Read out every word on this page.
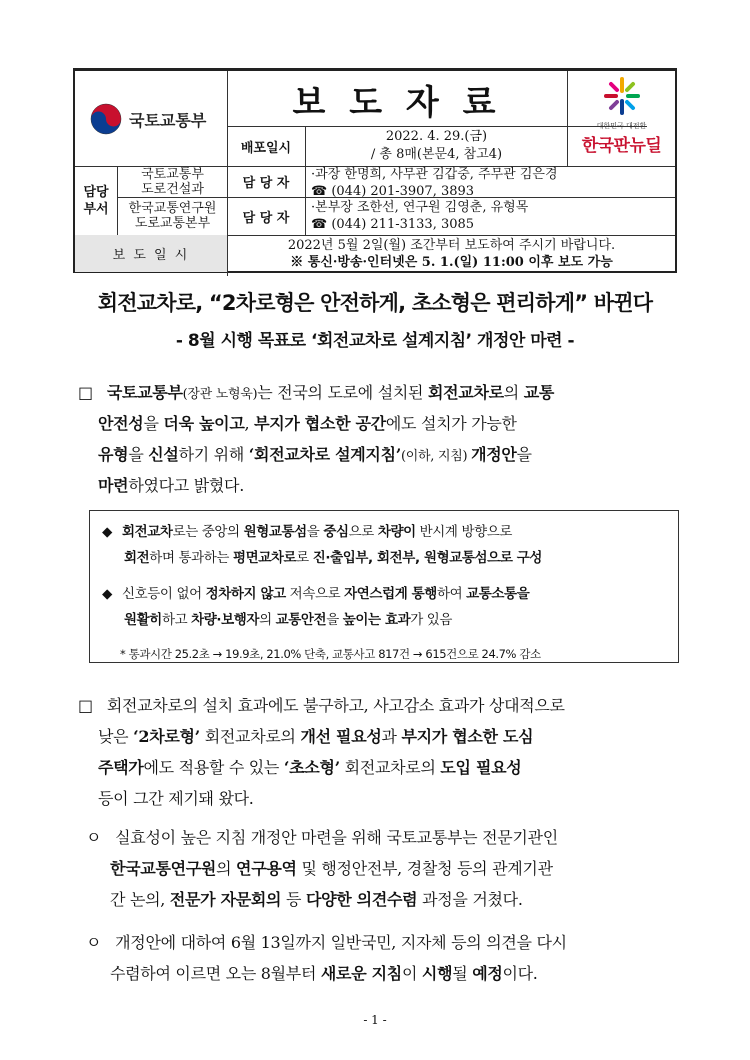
국토교통부	보 도 자 료
배포일시
2022. 4. 29.(금)
/ 총 8매(본문4, 참고4)
대한민국 대전환
한국판뉴딜
담당
부서
국토교통부
도로건설과
한국교통연구원
도로교통본부
담 당 자
담 당 자
·과장 한명희, 사무관 김갑중, 주무관 김은경
☎ (044) 201-3907, 3893
·본부장 조한선, 연구원 김영춘, 유형목
☎ (044) 211-3133, 3085
보 도 일 시
2022년 5월 2일(월) 조간부터 보도하여 주시기 바랍니다.
※ 통신·방송·인터넷은 5. 1.(일) 11:00 이후 보도 가능
회전교차로, “2차로형은 안전하게, 초소형은 편리하게” 바뀐다
- 8월 시행 목표로 ‘회전교차로 설계지침’ 개정안 마련 -
□ 국토교통부(장관 노형욱)는 전국의 도로에 설치된 회전교차로의 교통
안전성을 더욱 높이고, 부지가 협소한 공간에도 설치가 가능한
유형을 신설하기 위해 ‘회전교차로 설계지침’(이하, 지침) 개정안을
마련하였다고 밝혔다.
◆ 회전교차로는 중앙의 원형교통섬을 중심으로 차량이 반시계 방향으로
회전하며 통과하는 평면교차로로 진·출입부, 회전부, 원형교통섬으로 구성
◆ 신호등이 없어 정차하지 않고 저속으로 자연스럽게 통행하여 교통소통을
원활히하고 차량·보행자의 교통안전을 높이는 효과가 있음
* 통과시간 25.2초 → 19.9초, 21.0% 단축, 교통사고 817건 → 615건으로 24.7% 감소
□ 회전교차로의 설치 효과에도 불구하고, 사고감소 효과가 상대적으로
낮은 ‘2차로형’ 회전교차로의 개선 필요성과 부지가 협소한 도심
주택가에도 적용할 수 있는 ‘초소형’ 회전교차로의 도입 필요성
등이 그간 제기돼 왔다.
ㅇ 실효성이 높은 지침 개정안 마련을 위해 국토교통부는 전문기관인
한국교통연구원의 연구용역 및 행정안전부, 경찰청 등의 관계기관
간 논의, 전문가 자문회의 등 다양한 의견수렴 과정을 거쳤다.
ㅇ 개정안에 대하여 6월 13일까지 일반국민, 지자체 등의 의견을 다시
수렴하여 이르면 오는 8월부터 새로운 지침이 시행될 예정이다.
- 1 -
